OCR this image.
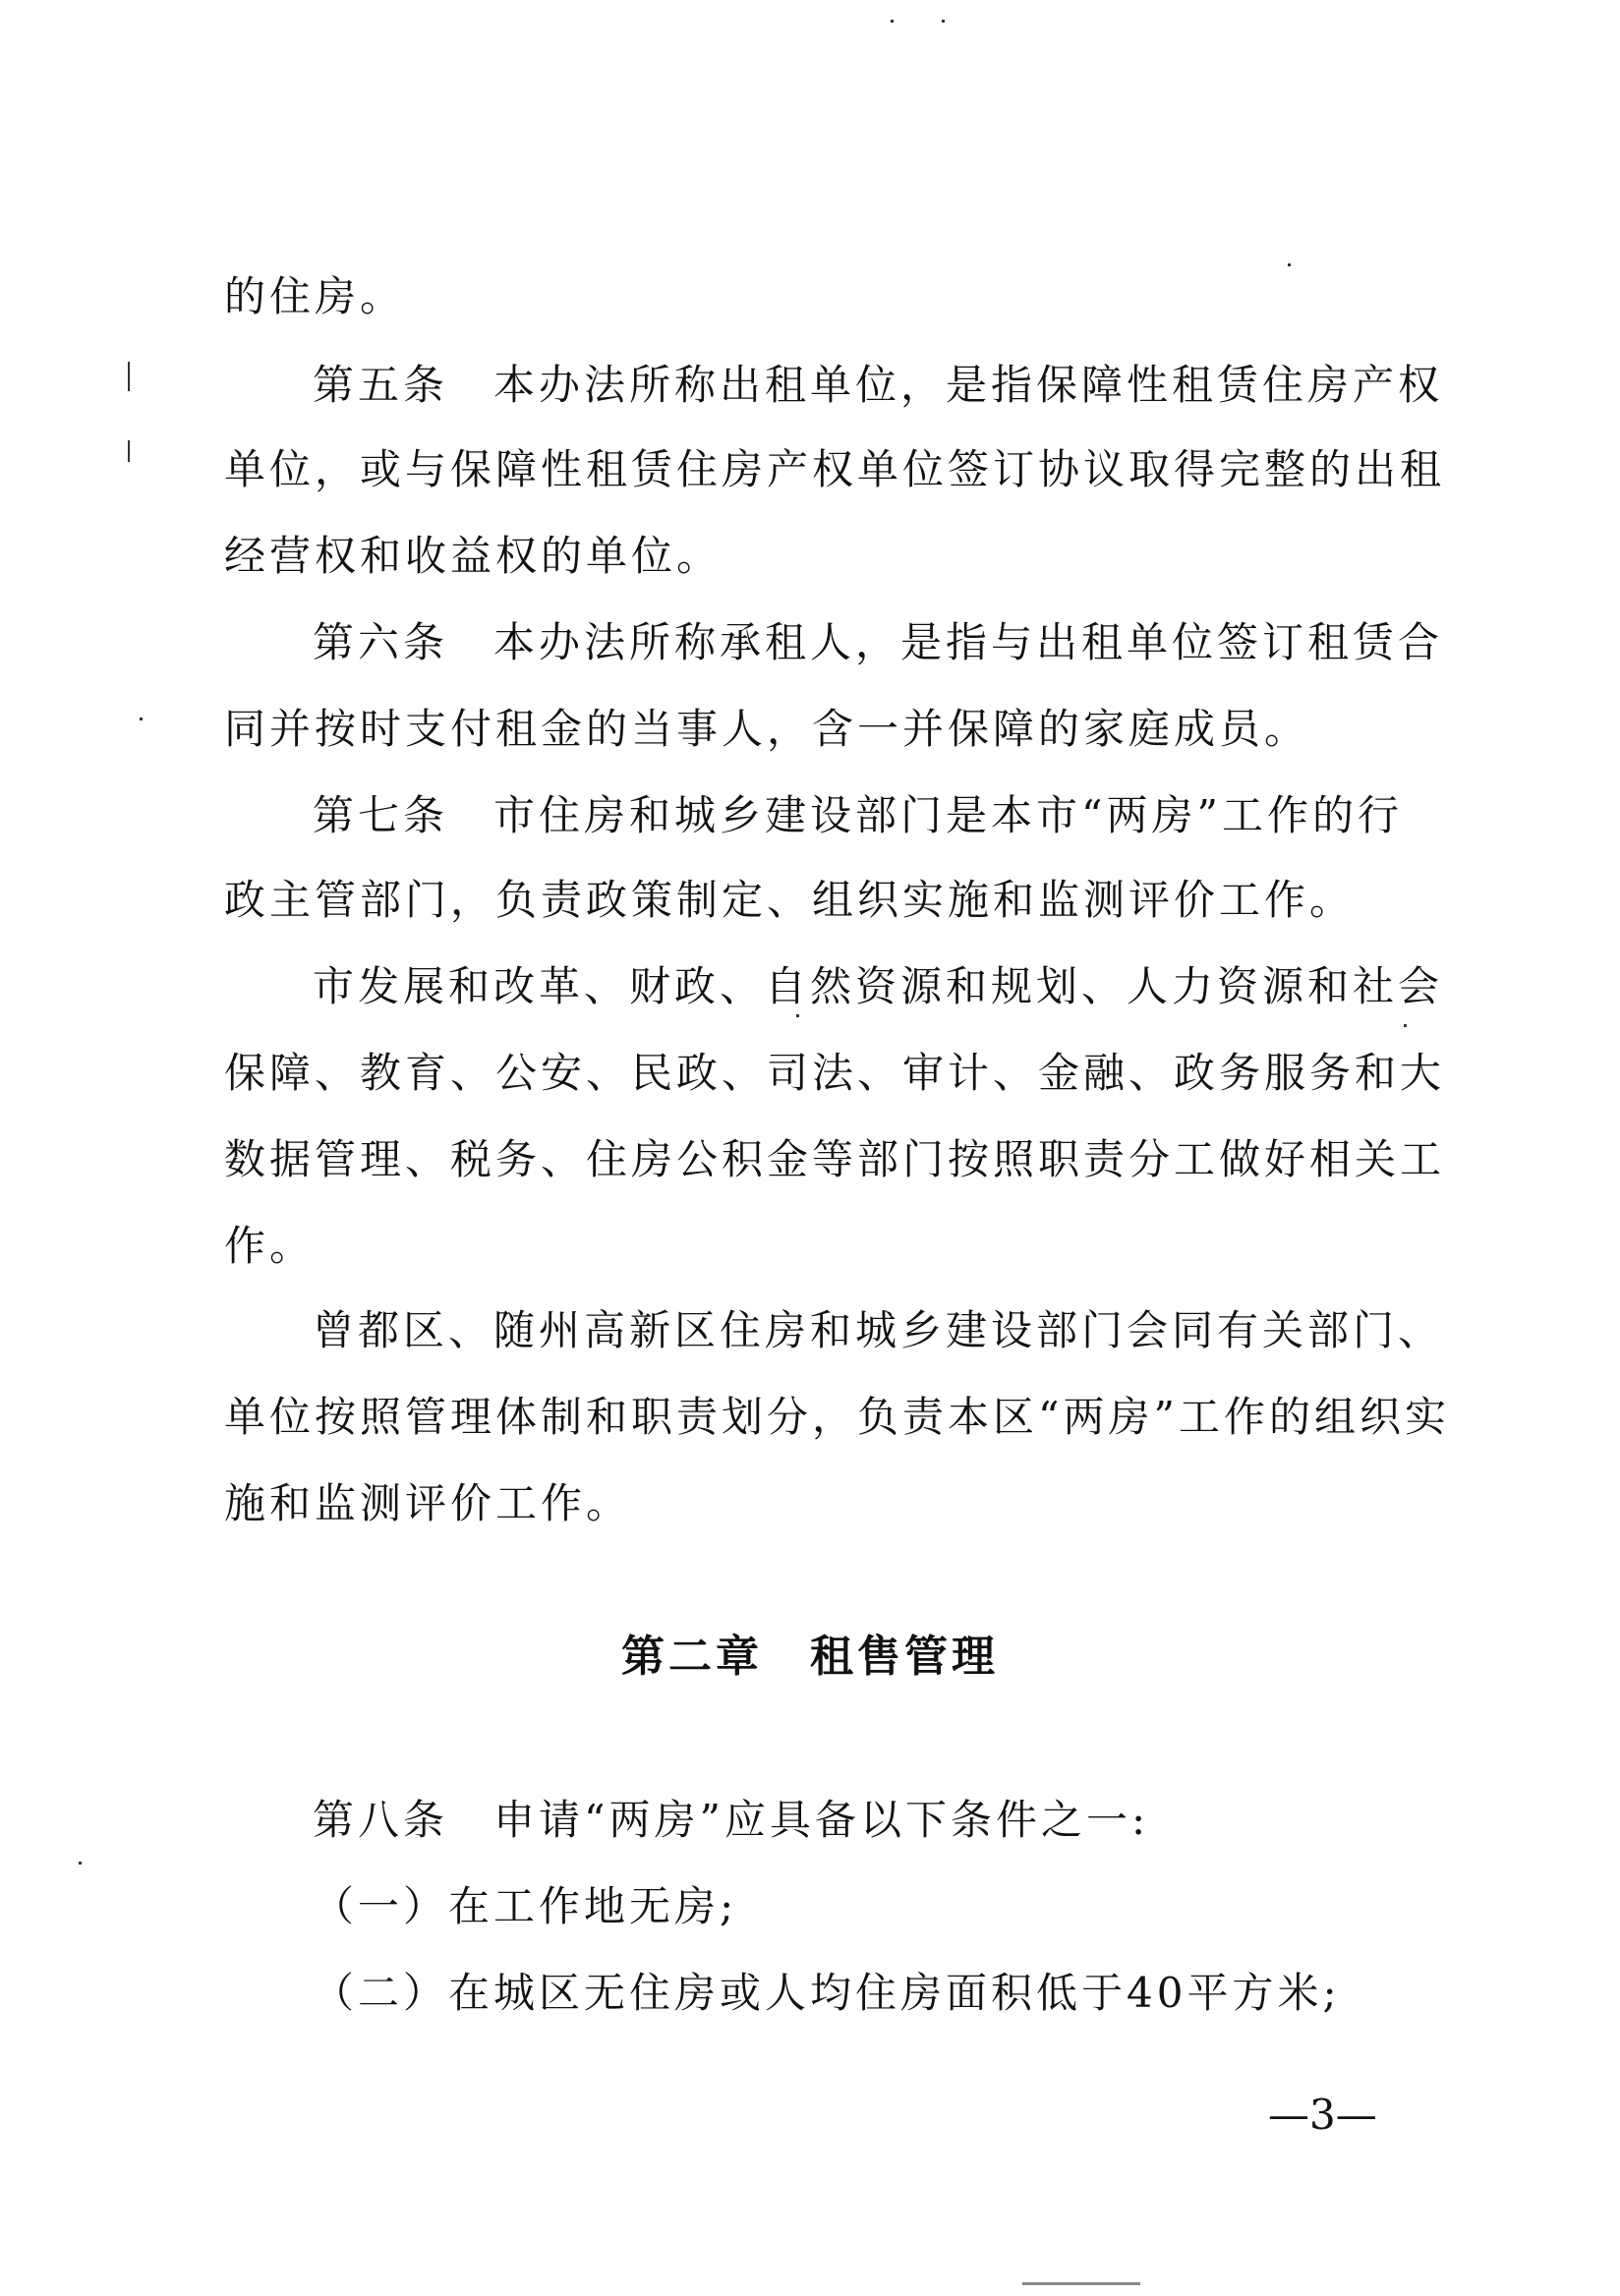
的住房。
第五条　本办法所称出租单位，是指保障性租赁住房产权
单位，或与保障性租赁住房产权单位签订协议取得完整的出租
经营权和收益权的单位。
第六条　本办法所称承租人，是指与出租单位签订租赁合
同并按时支付租金的当事人，含一并保障的家庭成员。
第七条　市住房和城乡建设部门是本市“两房”工作的行
政主管部门，负责政策制定、组织实施和监测评价工作。
市发展和改革、财政、自然资源和规划、人力资源和社会
保障、教育、公安、民政、司法、审计、金融、政务服务和大
数据管理、税务、住房公积金等部门按照职责分工做好相关工
作。
曾都区、随州高新区住房和城乡建设部门会同有关部门、
单位按照管理体制和职责划分，负责本区“两房”工作的组织实
施和监测评价工作。
第二章　租售管理
第八条　申请“两房”应具备以下条件之一:
（一）在工作地无房;
（二）在城区无住房或人均住房面积低于40平方米;
—3—
